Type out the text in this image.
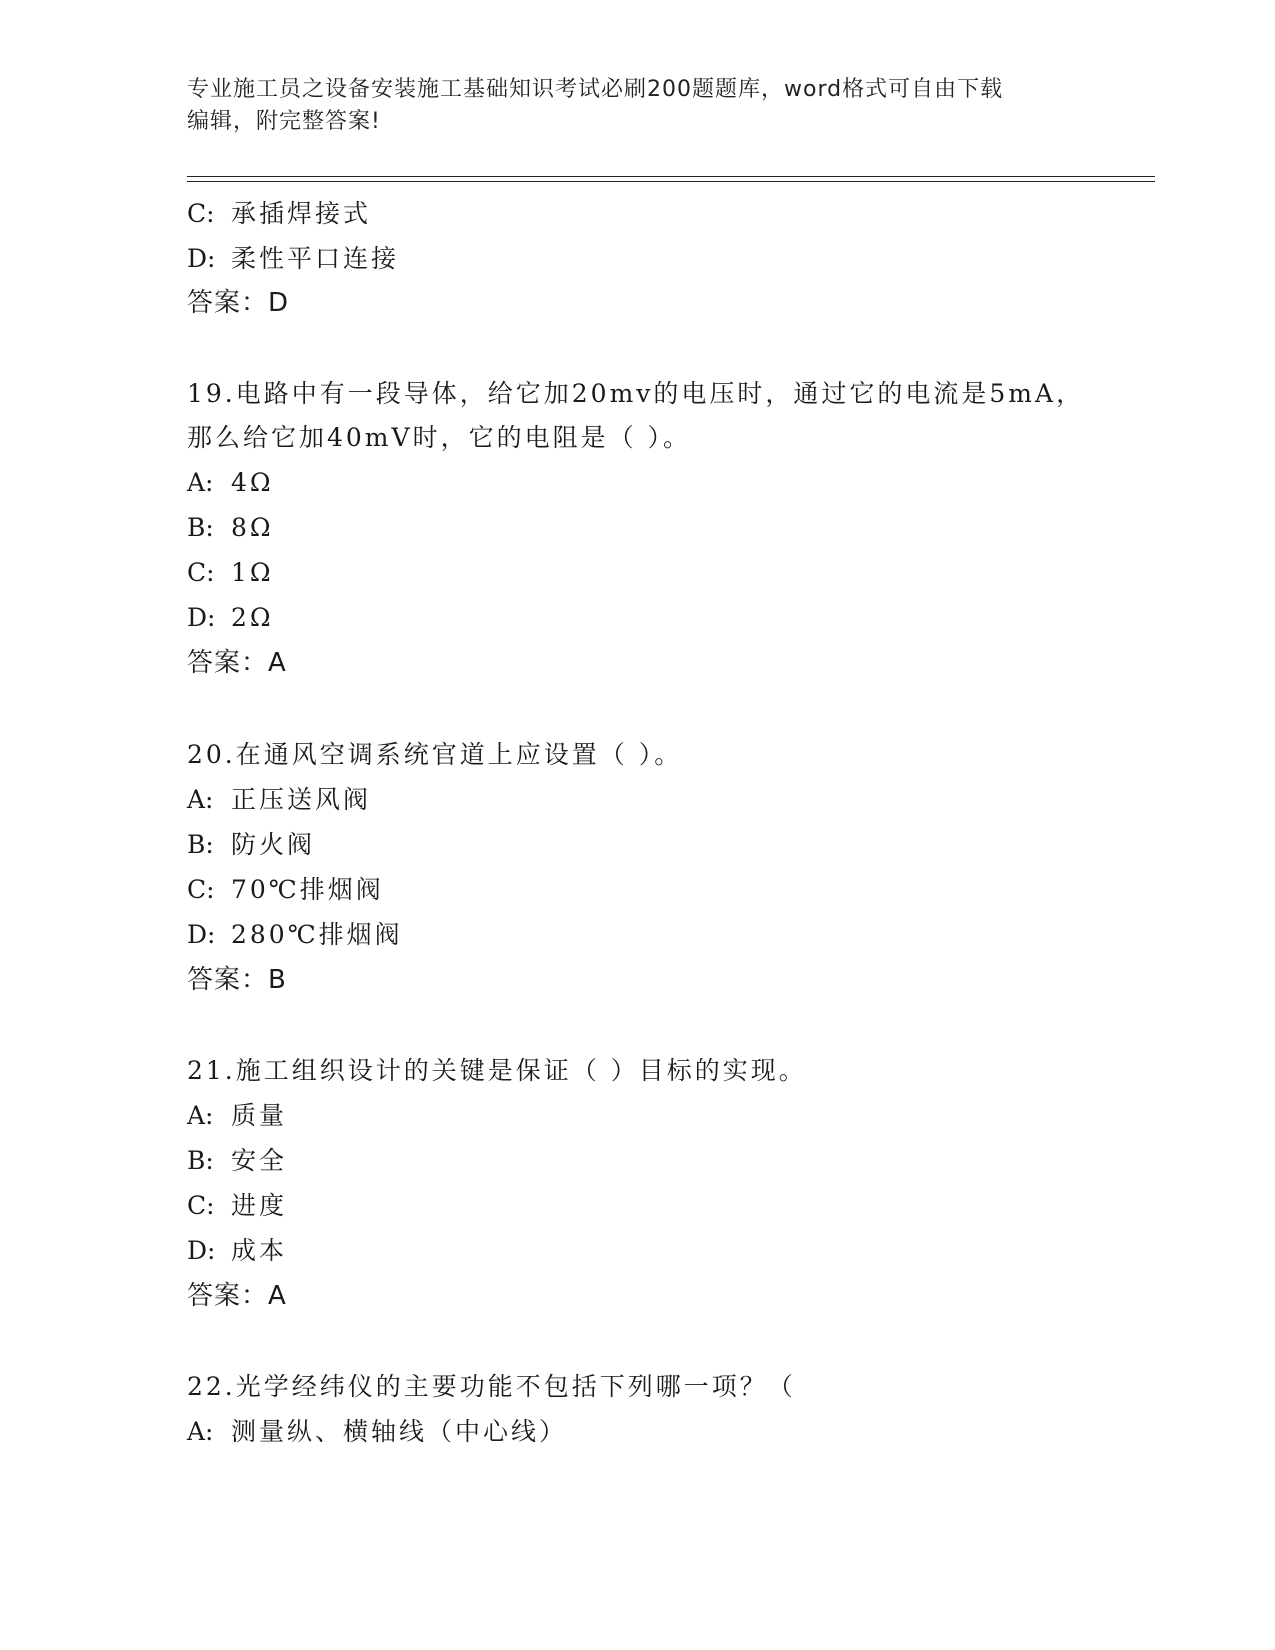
专业施工员之设备安装施工基础知识考试必刷200题题库，word格式可自由下载
编辑，附完整答案!
C: 承插焊接式
D: 柔性平口连接
答案：D
19.电路中有一段导体，给它加20mv的电压时，通过它的电流是5mA，
那么给它加40mV时，它的电阻是（ ）。
A: 4Ω
B: 8Ω
C: 1Ω
D: 2Ω
答案：A
20.在通风空调系统官道上应设置（ ）。
A: 正压送风阀
B: 防火阀
C: 70℃排烟阀
D: 280℃排烟阀
答案：B
21.施工组织设计的关键是保证（ ）目标的实现。
A: 质量
B: 安全
C: 进度
D: 成本
答案：A
22.光学经纬仪的主要功能不包括下列哪一项？（
A: 测量纵、横轴线（中心线）
